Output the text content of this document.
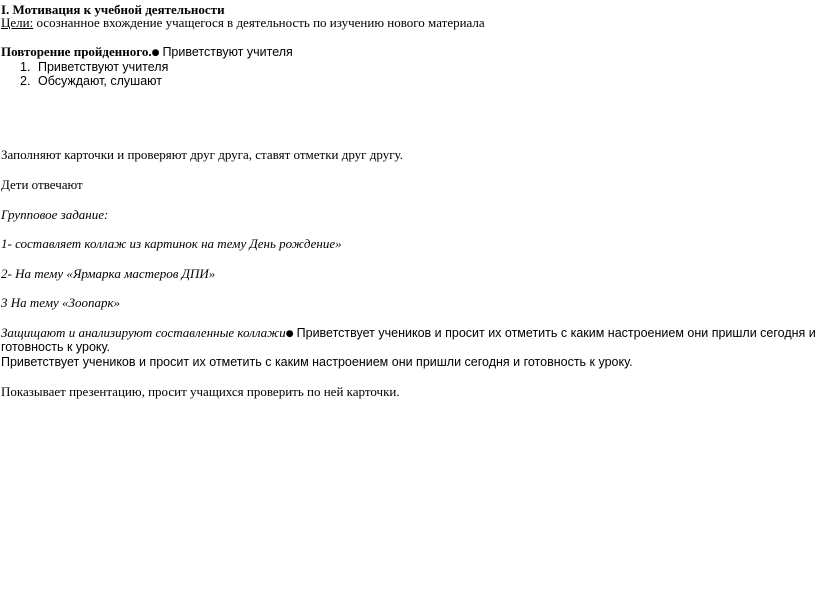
I. Мотивация к учебной деятельности
Цели: осознанное вхождение учащегося в деятельность по изучению нового материала
Повторение пройденного.● Приветствуют учителя
1. Приветствуют учителя
2. Обсуждают, слушают
Заполняют карточки и проверяют друг друга, ставят отметки друг другу.
Дети отвечают
Групповое задание:
1- составляет коллаж из картинок на тему День рождение»
2- На тему «Ярмарка мастеров ДПИ»
3 На тему «Зоопарк»
Защищают и анализируют составленные коллажи● Приветствует учеников и просит их отметить с каким настроением они пришли сегодня и
готовность к уроку.
Приветствует учеников и просит их отметить с каким настроением они пришли сегодня и готовность к уроку.
Показывает презентацию, просит учащихся проверить по ней карточки.
